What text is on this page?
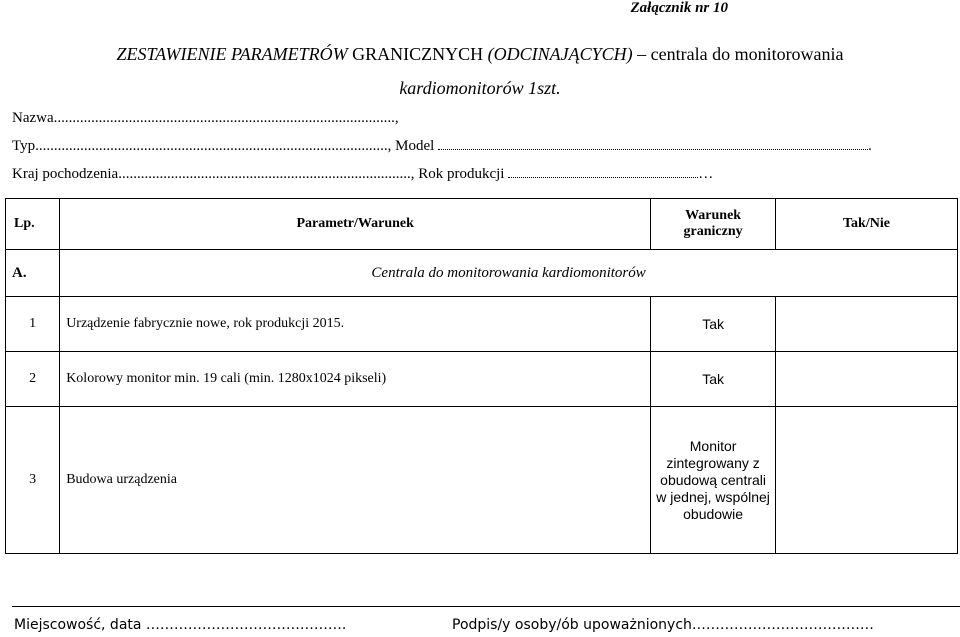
Załącznik nr 10
ZESTAWIENIE PARAMETRÓW GRANICZNYCH (ODCINAJĄCYCH) – centrala do monitorowania
kardiomonitorów 1szt.
Nazwa...........................................................................................,
Typ.............................................................................................., Model	.
Kraj pochodzenia.............................................................................., Rok produkcji	…
Lp.	Parametr/Warunek	Warunek graniczny	Tak/Nie
A.	Centrala do monitorowania kardiomonitorów		
1	Urządzenie fabrycznie nowe, rok produkcji 2015.	Tak	
2	Kolorowy monitor min. 19 cali (min. 1280x1024 pikseli)	Tak	
3	Budowa urządzenia	Monitor zintegrowany z obudową centrali w jednej, wspólnej obudowie	
Miejscowość, data …………………………………….	Podpis/y osoby/ób upoważnionych…………………………………
